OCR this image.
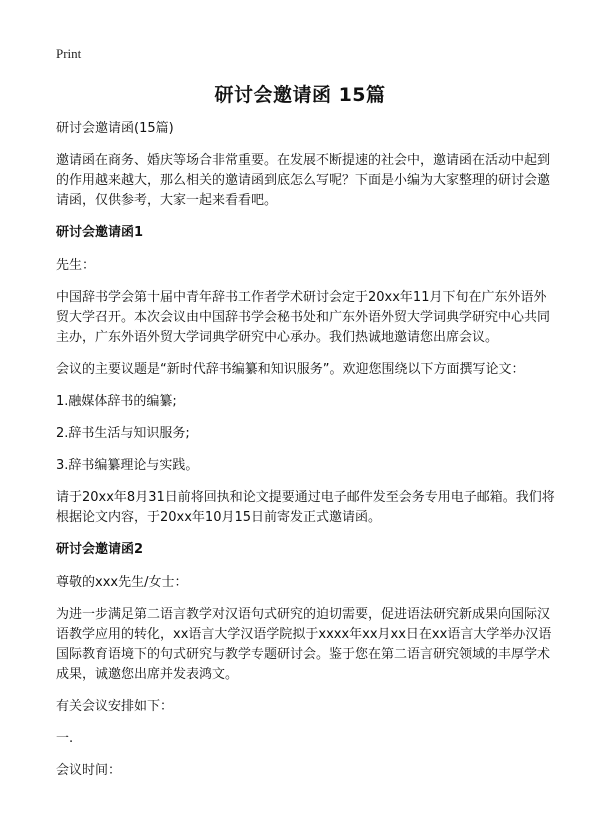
Print
研讨会邀请函 15篇

研讨会邀请函(15篇)

邀请函在商务、婚庆等场合非常重要。在发展不断提速的社会中，邀请函在活动中起到的作用越来越大，那么相关的邀请函到底怎么写呢？下面是小编为大家整理的研讨会邀请函，仅供参考，大家一起来看看吧。

研讨会邀请函1

先生：

中国辞书学会第十届中青年辞书工作者学术研讨会定于20xx年11月下旬在广东外语外贸大学召开。本次会议由中国辞书学会秘书处和广东外语外贸大学词典学研究中心共同主办，广东外语外贸大学词典学研究中心承办。我们热诚地邀请您出席会议。

会议的主要议题是“新时代辞书编纂和知识服务”。欢迎您围绕以下方面撰写论文：

1.融媒体辞书的编纂;

2.辞书生活与知识服务;

3.辞书编纂理论与实践。

请于20xx年8月31日前将回执和论文提要通过电子邮件发至会务专用电子邮箱。我们将根据论文内容，于20xx年10月15日前寄发正式邀请函。

研讨会邀请函2

尊敬的xxx先生/女士：

为进一步满足第二语言教学对汉语句式研究的迫切需要，促进语法研究新成果向国际汉语教学应用的转化，xx语言大学汉语学院拟于xxxx年xx月xx日在xx语言大学举办汉语国际教育语境下的句式研究与教学专题研讨会。鉴于您在第二语言研究领域的丰厚学术成果，诚邀您出席并发表鸿文。

有关会议安排如下：

一.

会议时间：
